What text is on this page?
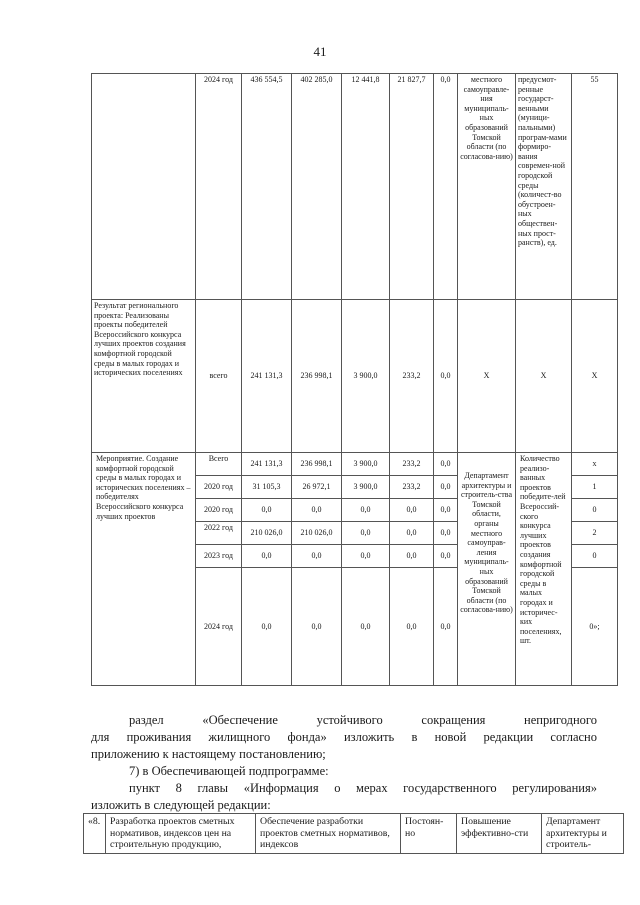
41
	2024 год	436 554,5	402 285,0	12 441,8	21 827,7	0,0	местного самоуправле-ния муниципаль-ных образований Томской области (по согласова-нию)	предусмот-ренные государст-венными (муници-пальными) програм-мами формиро-вания современ-ной городской среды (количест-во обустроен-ных обществен-ных прост-ранств), ед.	55
Результат регионального проекта: Реализованы проекты победителей Всероссийского конкурса лучших проектов создания комфортной городской среды в малых городах и исторических поселениях	всего	241 131,3	236 998,1	3 900,0	233,2	0,0	Х	Х	Х
Мероприятие. Создание комфортной городской среды в малых городах и исторических поселениях – победителях Всероссийского конкурса лучших проектов	Всего	241 131,3	236 998,1	3 900,0	233,2	0,0	Департамент архитектуры и строитель-ства Томской области, органы местного самоуправ-ления муниципаль-ных образований Томской области (по согласова-нию)	Количество реализо-ванных проектов победите-лей Всероссий-ского конкурса лучших проектов создания комфортной городской среды в малых городах и историчес-ких поселениях, шт.	х
	2020 год	31 105,3	26 972,1	3 900,0	233,2	0,0			1
	2020 год	0,0	0,0	0,0	0,0	0,0			0
	2022 год	210 026,0	210 026,0	0,0	0,0	0,0			2
	2023 год	0,0	0,0	0,0	0,0	0,0			0
	2024 год	0,0	0,0	0,0	0,0	0,0			0»;
раздел «Обеспечение устойчивого сокращения непригодного
для проживания жилищного фонда» изложить в новой редакции согласно
приложению к настоящему постановлению;
7) в Обеспечивающей подпрограмме:
пункт 8 главы «Информация о мерах государственного регулирования»
изложить в следующей редакции:
«8.	Разработка проектов сметных нормативов, индексов цен на строительную продукцию,	Обеспечение разработки проектов сметных нормативов, индексов	Постоян-но	Повышение эффективно-сти	Департамент архитектуры и строитель-
